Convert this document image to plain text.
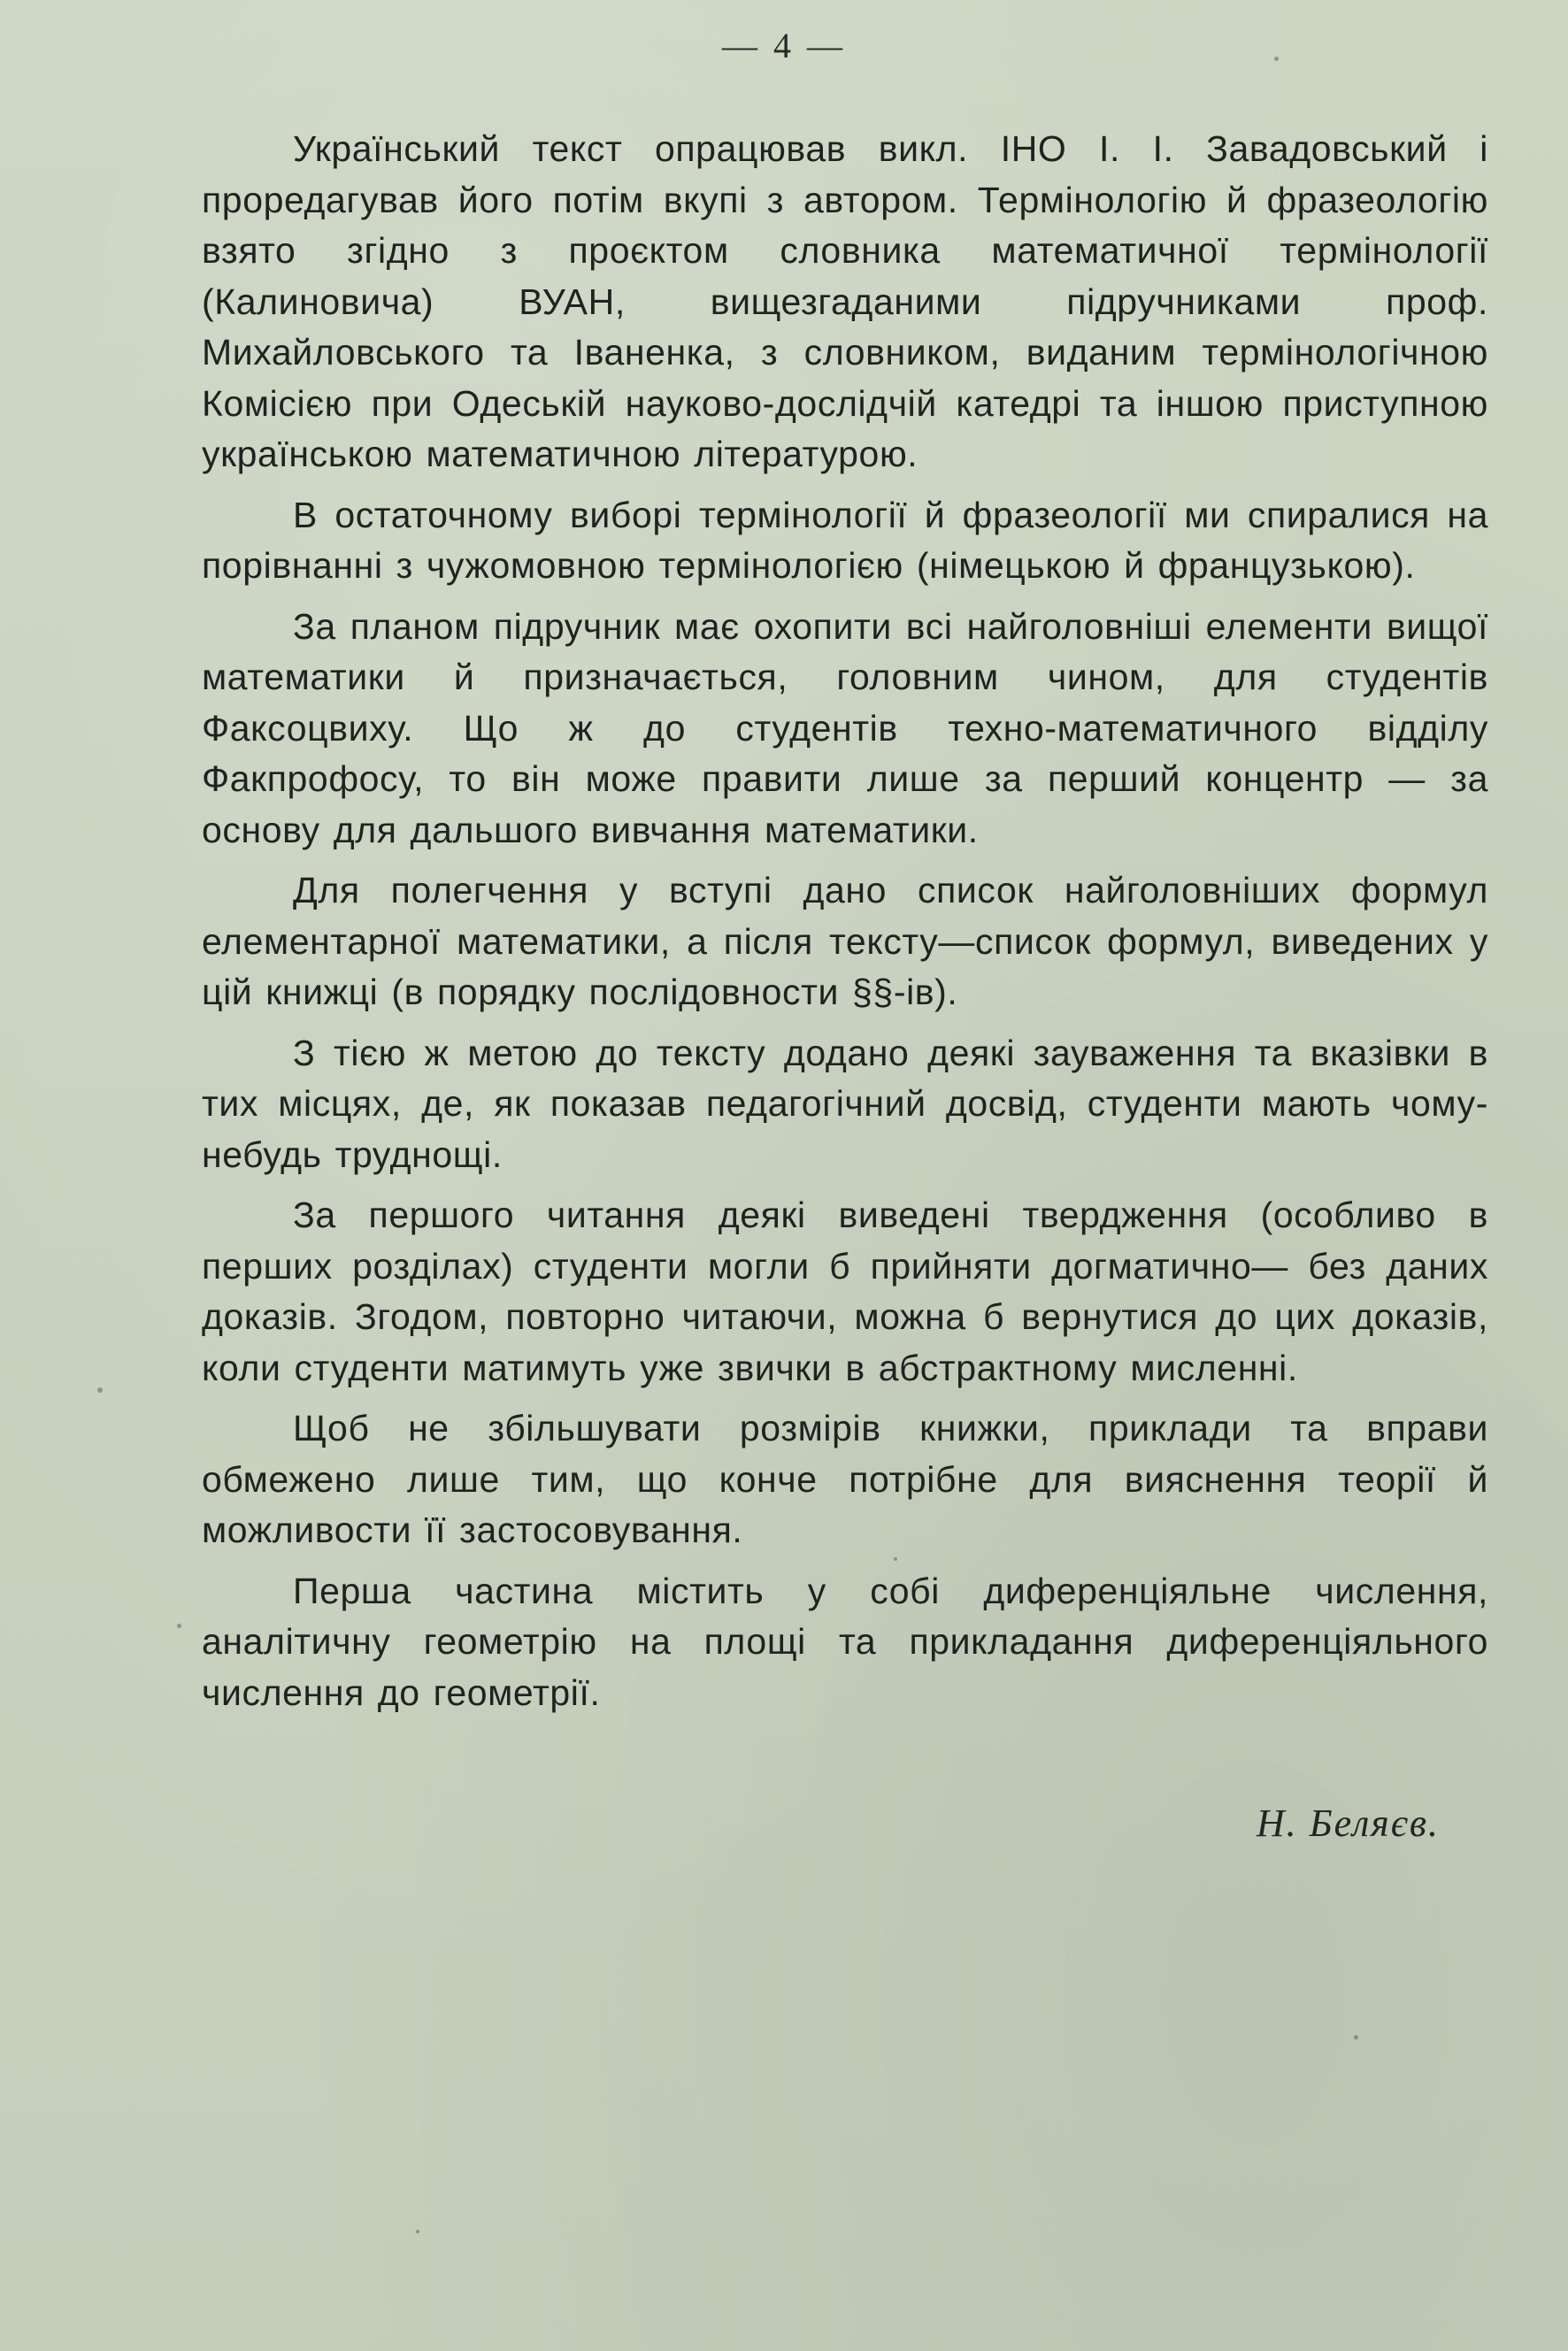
— 4 —

Український текст опрацював викл. ІНО І. І. Завадовський і проредагував його потім вкупі з автором. Термінологію й фразеологію взято згідно з проєктом словника математичної термінології (Калиновича) ВУАН, вищезгаданими підручниками проф. Михайловського та Іваненка, з словником, виданим термінологічною Комісією при Одеській науково-дослідчій катедрі та іншою приступною українською математичною літературою.

В остаточному виборі термінології й фразеології ми спиралися на порівнанні з чужомовною термінологією (німецькою й французькою).

За планом підручник має охопити всі найголовніші елементи вищої математики й призначається, головним чином, для студентів Факсоцвиху. Що ж до студентів техно-математичного відділу Факпрофосу, то він може правити лише за перший концентр — за основу для дальшого вивчання математики.

Для полегчення у вступі дано список найголовніших формул елементарної математики, а після тексту—список формул, виведених у цій книжці (в порядку послідовности §§-ів).

З тією ж метою до тексту додано деякі зауваження та вказівки в тих місцях, де, як показав педагогічний досвід, студенти мають чому-небудь труднощі.

За першого читання деякі виведені твердження (особливо в перших розділах) студенти могли б прийняти догматично— без даних доказів. Згодом, повторно читаючи, можна б вернутися до цих доказів, коли студенти матимуть уже звички в абстрактному мисленні.

Щоб не збільшувати розмірів книжки, приклади та вправи обмежено лише тим, що конче потрібне для вияснення теорії й можливости її застосовування.

Перша частина містить у собі диференціяльне числення, аналітичну геометрію на площі та прикладання диференціяльного числення до геометрії.

Н. Беляєв.
